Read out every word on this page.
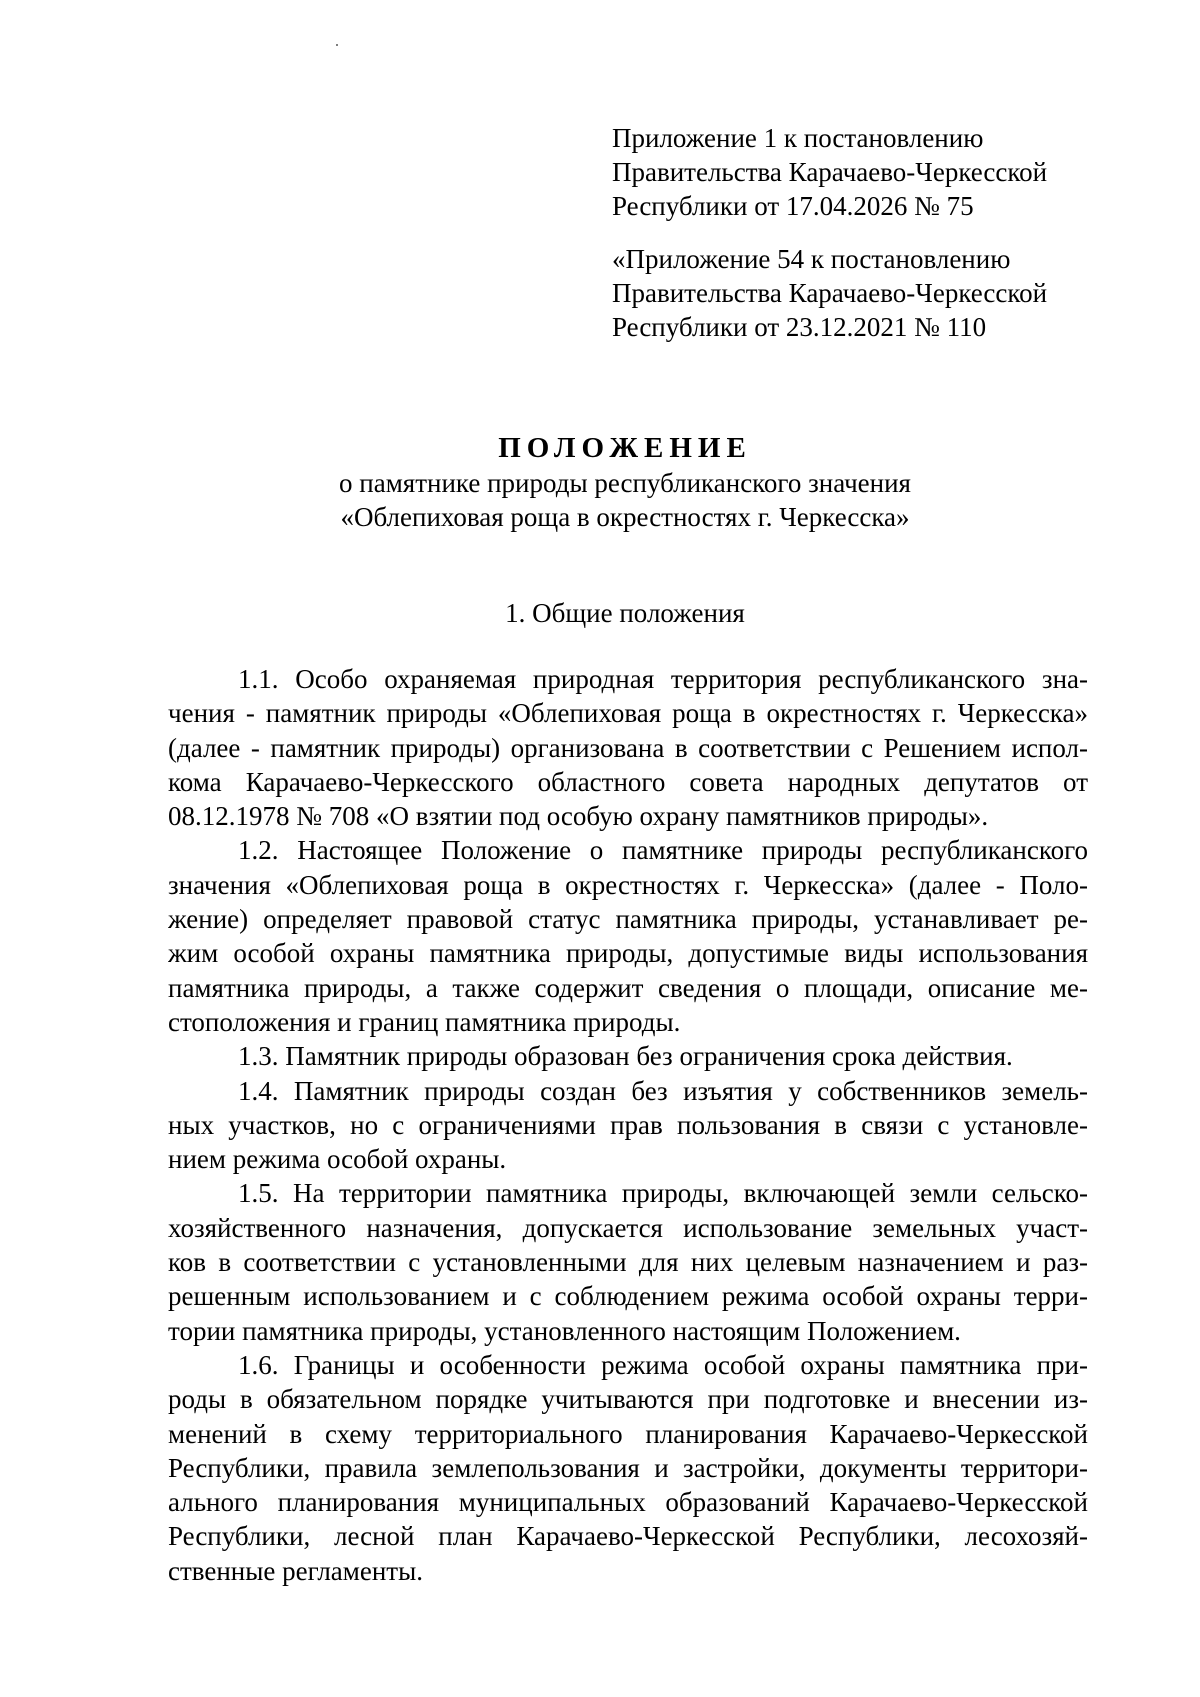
Приложение 1 к постановлению
Правительства Карачаево-Черкесской
Республики от 17.04.2026 № 75
«Приложение 54 к постановлению
Правительства Карачаево-Черкесской
Республики от 23.12.2021 № 110
ПОЛОЖЕНИЕ
о памятнике природы республиканского значения
«Облепиховая роща в окрестностях г. Черкесска»
1. Общие положения
1.1. Особо охраняемая природная территория республиканского зна-
чения - памятник природы «Облепиховая роща в окрестностях г. Черкесска»
(далее - памятник природы) организована в соответствии с Решением испол-
кома Карачаево-Черкесского областного совета народных депутатов от
08.12.1978 № 708 «О взятии под особую охрану памятников природы».
1.2. Настоящее Положение о памятнике природы республиканского
значения «Облепиховая роща в окрестностях г. Черкесска» (далее - Поло-
жение) определяет правовой статус памятника природы, устанавливает ре-
жим особой охраны памятника природы, допустимые виды использования
памятника природы, а также содержит сведения о площади, описание ме-
стоположения и границ памятника природы.
1.3. Памятник природы образован без ограничения срока действия.
1.4. Памятник природы создан без изъятия у собственников земель-
ных участков, но с ограничениями прав пользования в связи с установле-
нием режима особой охраны.
1.5. На территории памятника природы, включающей земли сельско-
хозяйственного назначения, допускается использование земельных участ-
ков в соответствии с установленными для них целевым назначением и раз-
решенным использованием и с соблюдением режима особой охраны терри-
тории памятника природы, установленного настоящим Положением.
1.6. Границы и особенности режима особой охраны памятника при-
роды в обязательном порядке учитываются при подготовке и внесении из-
менений в схему территориального планирования Карачаево-Черкесской
Республики, правила землепользования и застройки, документы территори-
ального планирования муниципальных образований Карачаево-Черкесской
Республики, лесной план Карачаево-Черкесской Республики, лесохозяй-
ственные регламенты.
